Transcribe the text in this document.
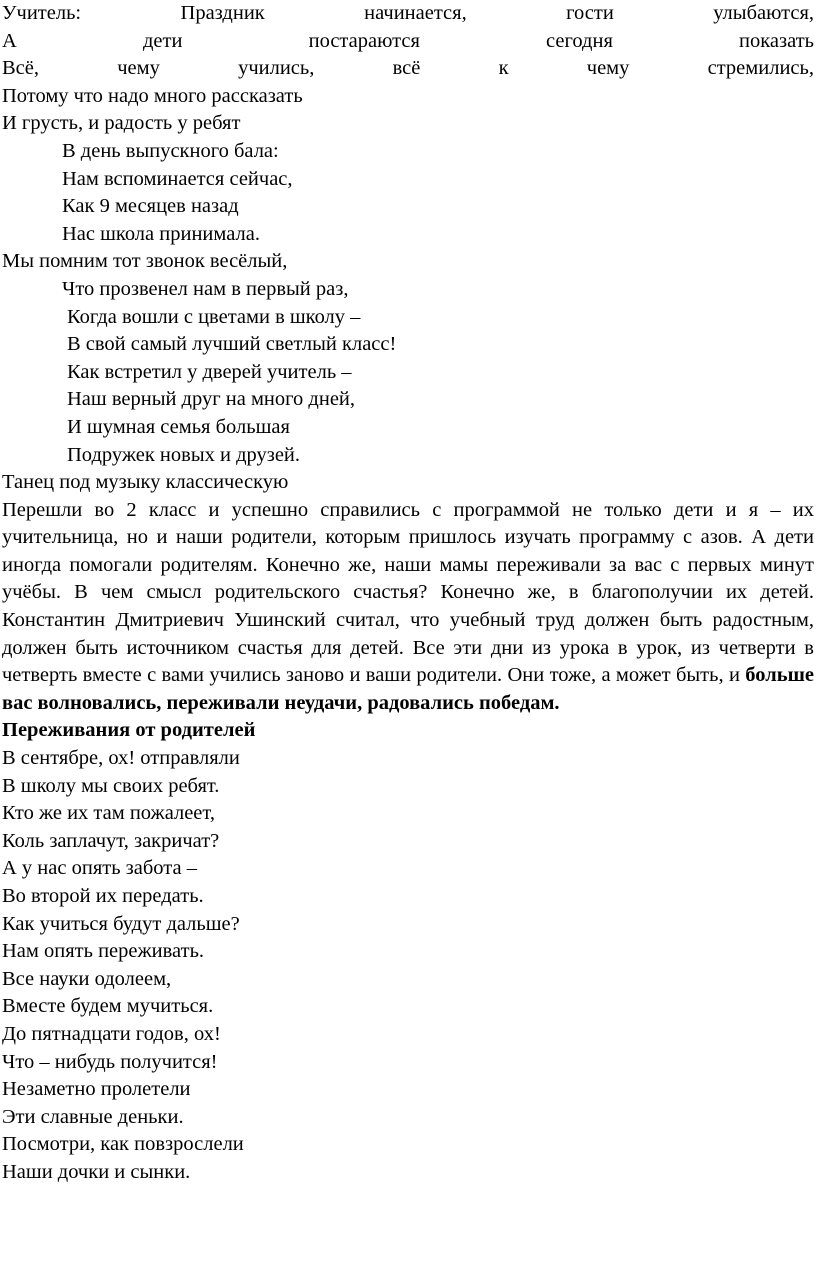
Учитель: Праздник начинается, гости улыбаются,
А дети постараются сегодня показать
Всё, чему учились, всё к чему стремились,
Потому что надо много рассказать
И грусть, и радость у ребят
В день выпускного бала:
Нам вспоминается сейчас,
Как 9 месяцев назад
Нас школа принимала.
Мы помним тот звонок весёлый,
Что прозвенел нам в первый раз,
Когда вошли с цветами в школу –
В свой самый лучший светлый класс!
Как встретил у дверей учитель –
Наш верный друг на много дней,
И шумная семья большая
Подружек новых и друзей.
Танец под музыку классическую
Перешли во 2 класс и успешно справились с программой не только дети и я – их учительница, но и наши родители, которым пришлось изучать программу с азов. А дети иногда помогали родителям. Конечно же, наши мамы переживали за вас с первых минут учёбы. В чем смысл родительского счастья? Конечно же, в благополучии их детей. Константин Дмитриевич Ушинский считал, что учебный труд должен быть радостным, должен быть источником счастья для детей. Все эти дни из урока в урок, из четверти в четверть вместе с вами учились заново и ваши родители. Они тоже, а может быть, и больше вас волновались, переживали неудачи, радовались победам.
Переживания от родителей
В сентябре, ох! отправляли
В школу мы своих ребят.
Кто же их там пожалеет,
Коль заплачут, закричат?
А у нас опять забота –
Во второй их передать.
Как учиться будут дальше?
Нам опять переживать.
Все науки одолеем,
Вместе будем мучиться.
До пятнадцати годов, ох!
Что – нибудь получится!
Незаметно пролетели
Эти славные деньки.
Посмотри, как повзрослели
Наши дочки и сынки.
